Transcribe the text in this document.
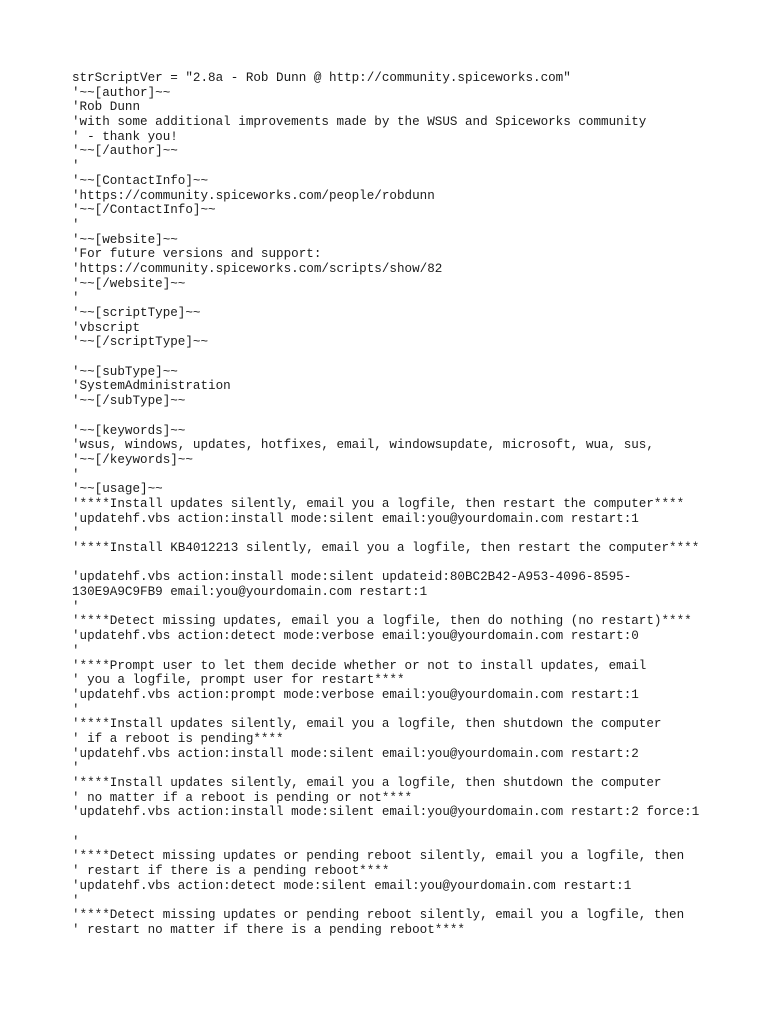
strScriptVer = "2.8a - Rob Dunn @ http://community.spiceworks.com"
'~~[author]~~
'Rob Dunn
'with some additional improvements made by the WSUS and Spiceworks community
' - thank you!
'~~[/author]~~
'
'~~[ContactInfo]~~
'https://community.spiceworks.com/people/robdunn
'~~[/ContactInfo]~~
'
'~~[website]~~
'For future versions and support:
'https://community.spiceworks.com/scripts/show/82
'~~[/website]~~
'
'~~[scriptType]~~
'vbscript
'~~[/scriptType]~~
'~~[subType]~~
'SystemAdministration
'~~[/subType]~~
'~~[keywords]~~
'wsus, windows, updates, hotfixes, email, windowsupdate, microsoft, wua, sus,
'~~[/keywords]~~
'
'~~[usage]~~
'****Install updates silently, email you a logfile, then restart the computer****
'updatehf.vbs action:install mode:silent email:you@yourdomain.com restart:1
'
'****Install KB4012213 silently, email you a logfile, then restart the computer****
'updatehf.vbs action:install mode:silent updateid:80BC2B42-A953-4096-8595-
130E9A9C9FB9 email:you@yourdomain.com restart:1
'
'****Detect missing updates, email you a logfile, then do nothing (no restart)****
'updatehf.vbs action:detect mode:verbose email:you@yourdomain.com restart:0
'
'****Prompt user to let them decide whether or not to install updates, email
' you a logfile, prompt user for restart****
'updatehf.vbs action:prompt mode:verbose email:you@yourdomain.com restart:1
'
'****Install updates silently, email you a logfile, then shutdown the computer
' if a reboot is pending****
'updatehf.vbs action:install mode:silent email:you@yourdomain.com restart:2
'
'****Install updates silently, email you a logfile, then shutdown the computer
' no matter if a reboot is pending or not****
'updatehf.vbs action:install mode:silent email:you@yourdomain.com restart:2 force:1
'
'****Detect missing updates or pending reboot silently, email you a logfile, then
' restart if there is a pending reboot****
'updatehf.vbs action:detect mode:silent email:you@yourdomain.com restart:1
'
'****Detect missing updates or pending reboot silently, email you a logfile, then
' restart no matter if there is a pending reboot****
